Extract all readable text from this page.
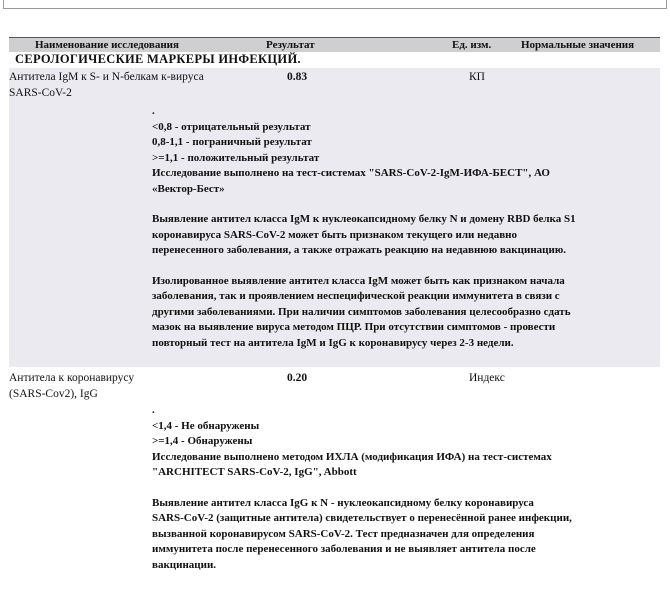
Наименование исследования	Результат	Ед. изм.	Нормальные значения
СЕРОЛОГИЧЕСКИЕ МАРКЕРЫ ИНФЕКЦИЙ.
Антитела IgM к S- и N-белкам к-вируса
SARS-CoV-2
0.83	КП

.

<0,8 - отрицательный результат

0,8-1,1 - пограничный результат

>=1,1 - положительный результат

Исследование выполнено на тест-системах "SARS-CoV-2-IgM-ИФА-БЕСТ", АО

«Вектор-Бест»

Выявление антител класса IgM к нуклеокапсидному белку N и домену RBD белка S1

коронавируса SARS-CoV-2 может быть признаком текущего или недавно

перенесенного заболевания, а также отражать реакцию на недавнюю вакцинацию.

Изолированное выявление антител класса IgM может быть как признаком начала

заболевания, так и проявлением неспецифической реакции иммунитета в связи с

другими заболеваниями. При наличии симптомов заболевания целесообразно сдать

мазок на выявление вируса методом ПЦР. При отсутствии симптомов - провести

повторный тест на антитела IgM и IgG к коронавирусу через 2-3 недели.

Антитела к коронавирусу
(SARS-Cov2), IgG
0.20	Индекс

.

<1,4 - Не обнаружены

>=1,4 - Обнаружены

Исследование выполнено методом ИХЛА (модификация ИФА) на тест-системах

"ARCHITECT SARS-CoV-2, IgG", Abbott

Выявление антител класса IgG к N - нуклеокапсидному белку коронавируса

SARS-CoV-2 (защитные антитела) свидетельствует о перенесённой ранее инфекции,

вызванной коронавирусом SARS-CoV-2. Тест предназначен для определения

иммунитета после перенесенного заболевания и не выявляет антитела после

вакцинации.
